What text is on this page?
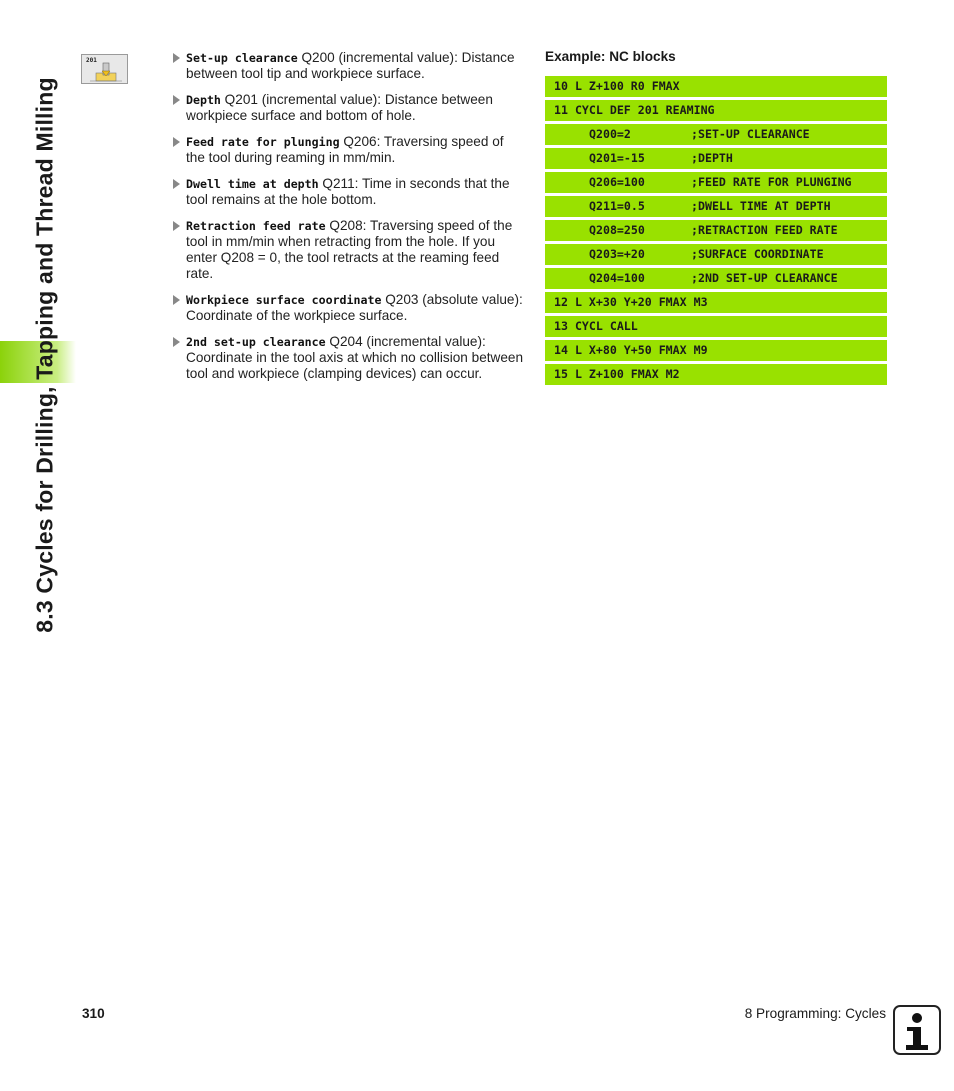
8.3 Cycles for Drilling, Tapping and Thread Milling
201	Set-up clearance Q200 (incremental value): Distance between tool tip and workpiece surface.
Depth Q201 (incremental value): Distance between workpiece surface and bottom of hole.
Feed rate for plunging Q206: Traversing speed of the tool during reaming in mm/min.
Dwell time at depth Q211: Time in seconds that the tool remains at the hole bottom.
Retraction feed rate Q208: Traversing speed of the tool in mm/min when retracting from the hole. If you enter Q208 = 0, the tool retracts at the reaming feed rate.
Workpiece surface coordinate Q203 (absolute value): Coordinate of the workpiece surface.
2nd set-up clearance Q204 (incremental value): Coordinate in the tool axis at which no collision between tool and workpiece (clamping devices) can occur.
Example: NC blocks
10 L Z+100 R0 FMAX
11 CYCL DEF 201 REAMING
Q200=2	;SET-UP CLEARANCE
Q201=-15	;DEPTH
Q206=100	;FEED RATE FOR PLUNGING
Q211=0.5	;DWELL TIME AT DEPTH
Q208=250	;RETRACTION FEED RATE
Q203=+20	;SURFACE COORDINATE
Q204=100	;2ND SET-UP CLEARANCE
12 L X+30 Y+20 FMAX M3
13 CYCL CALL
14 L X+80 Y+50 FMAX M9
15 L Z+100 FMAX M2
310	8 Programming: Cycles
